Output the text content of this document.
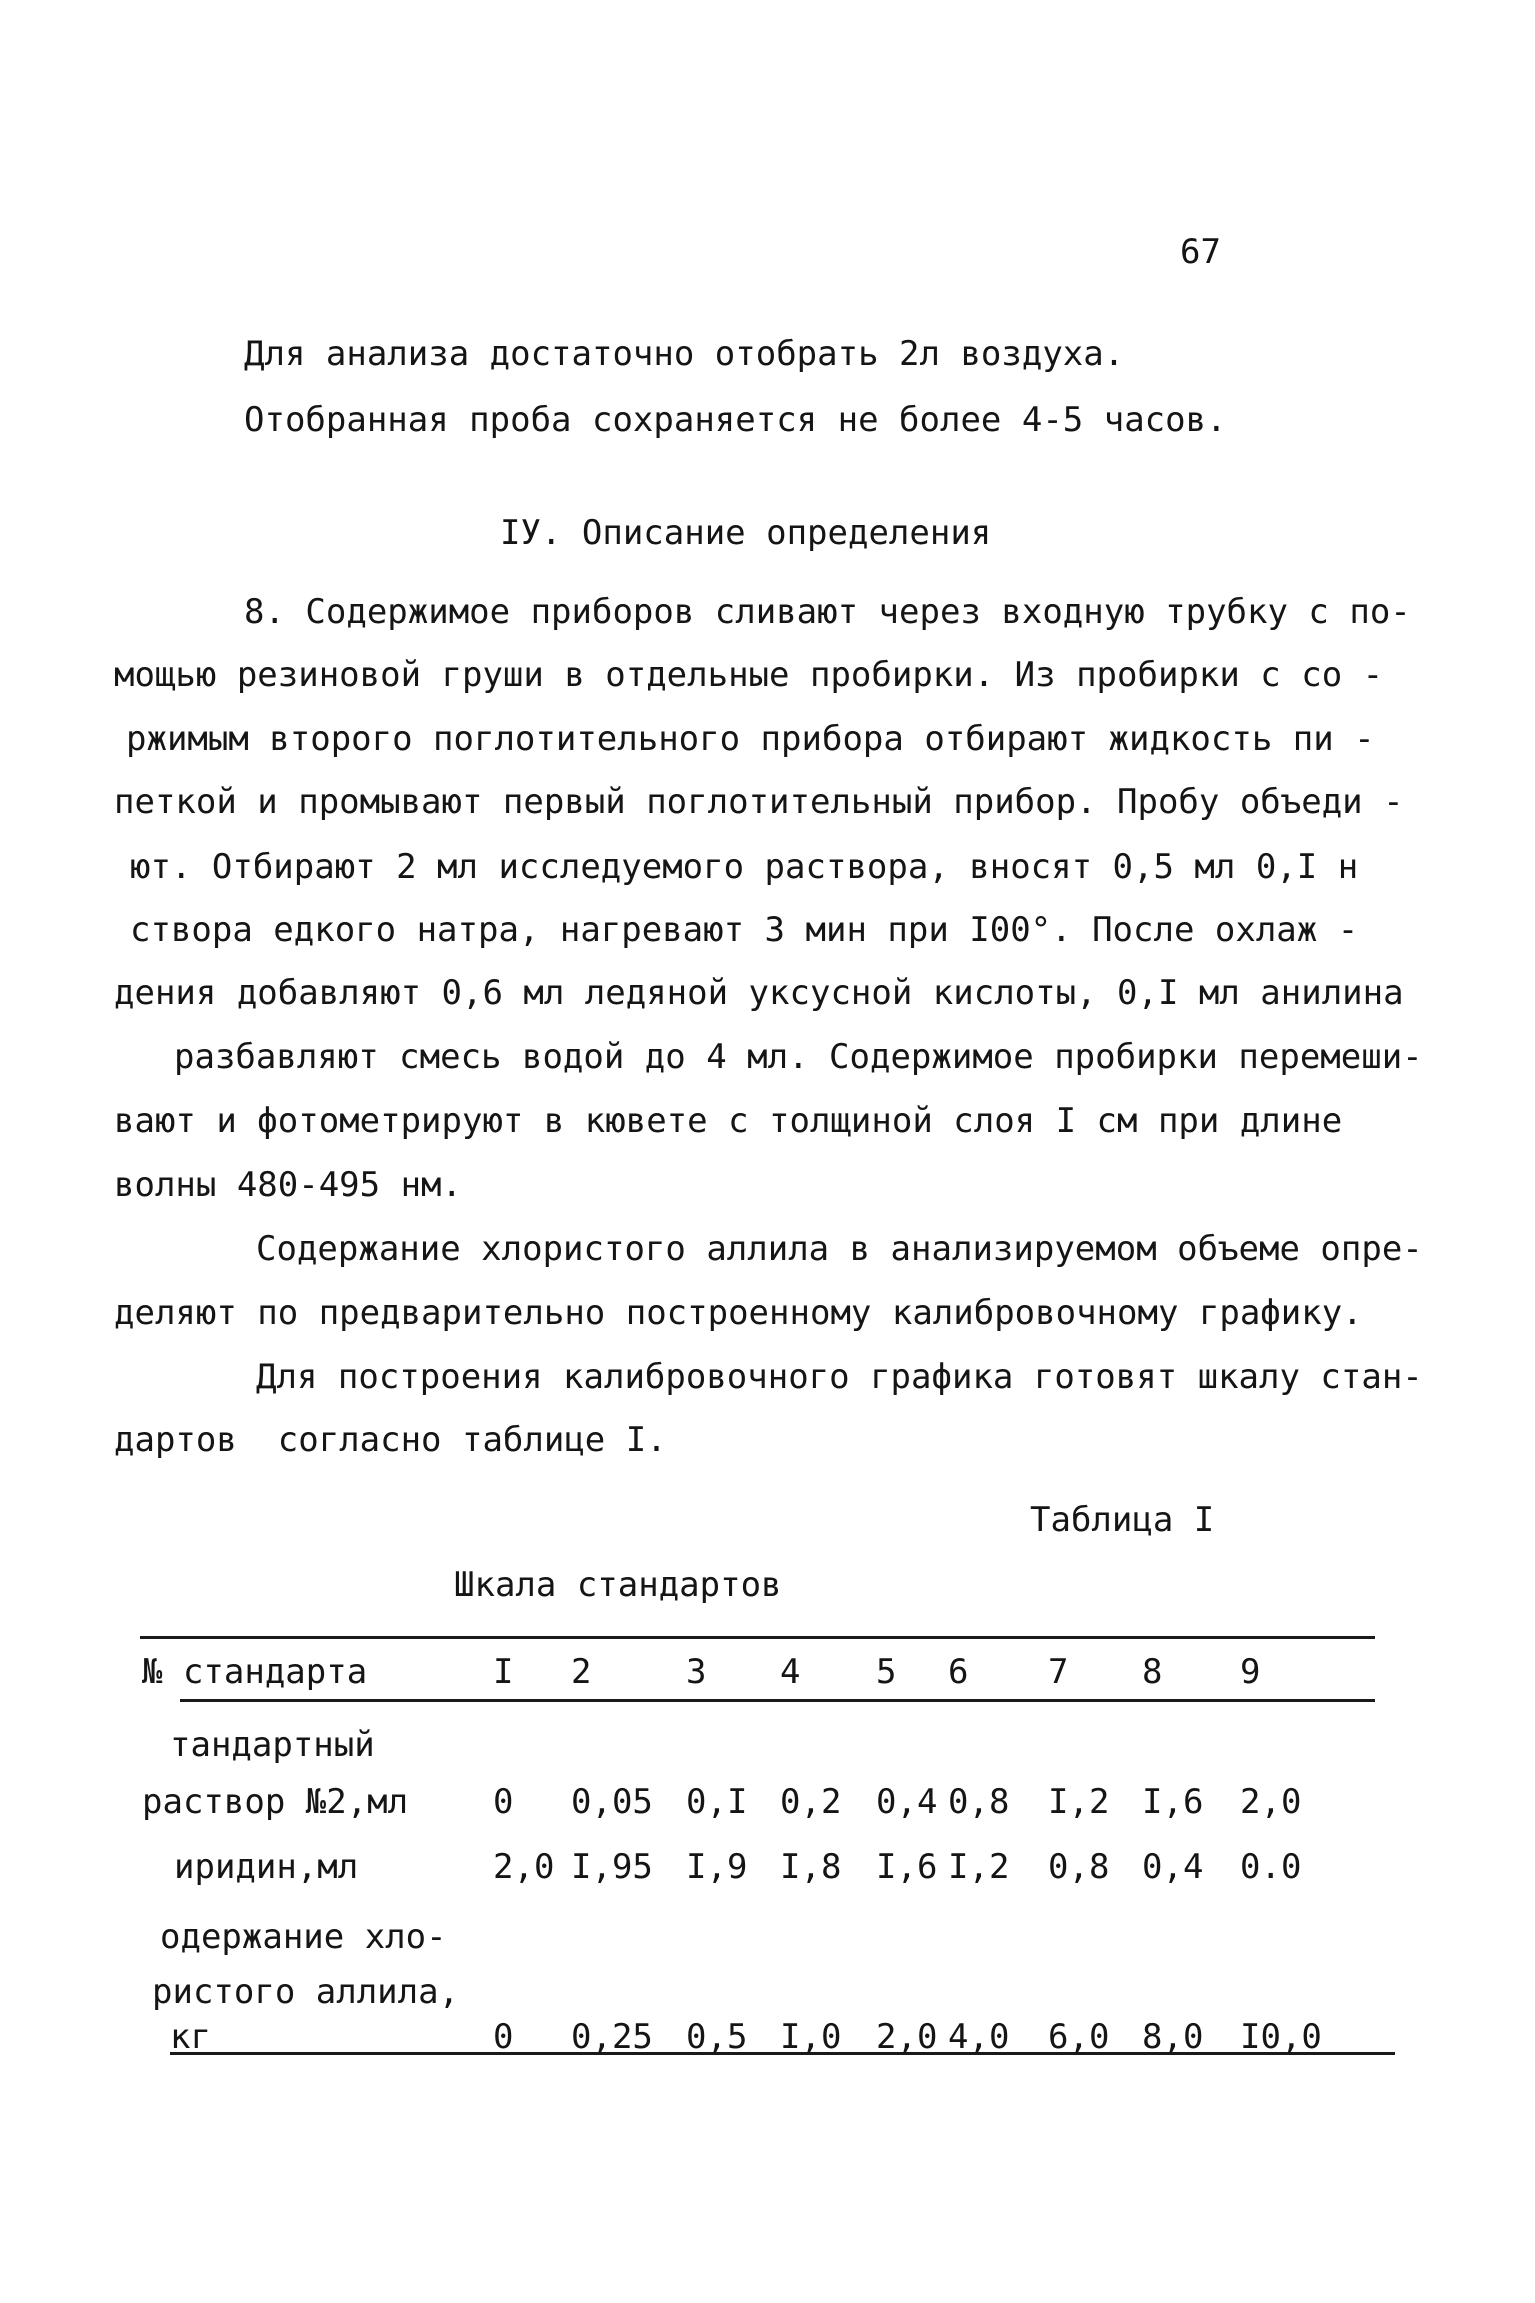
67
Для анализа достаточно отобрать 2л воздуха.
Отобранная проба сохраняется не более 4-5 часов.
IУ. Описание определения
8. Содержимое приборов сливают через входную трубку с по-
мощью резиновой груши в отдельные пробирки. Из пробирки с со -
ржимым второго поглотительного прибора отбирают жидкость пи -
петкой и промывают первый поглотительный прибор. Пробу объеди -
ют. Отбирают 2 мл исследуемого раствора, вносят 0,5 мл 0,I н
створа едкого натра, нагревают 3 мин при I00°. После охлаж -
дения добавляют 0,6 мл ледяной уксусной кислоты, 0,I мл анилина
разбавляют смесь водой до 4 мл. Содержимое пробирки перемеши-
вают и фотометрируют в кювете с толщиной слоя I см при длине
волны 480-495 нм.
Содержание хлористого аллила в анализируемом объеме опре-
деляют по предварительно построенному калибровочному графику.
Для построения калибровочного графика готовят шкалу стан-
дартов  согласно таблице I.
Таблица I
Шкала стандартов
№ стандарта	I 2	3 4 5 6 7 8 9
тандартный
раствор №2,мл 0 0,05 0,I 0,2 0,4 0,8 I,2 I,6 2,0
иридин,мл	2,0 I,95 I,9 I,8 I,6 I,2 0,8 0,4 0.0
одержание хло-
ристого аллила,
кг	0 0,25 0,5 I,0 2,0 4,0 6,0 8,0 I0,0
